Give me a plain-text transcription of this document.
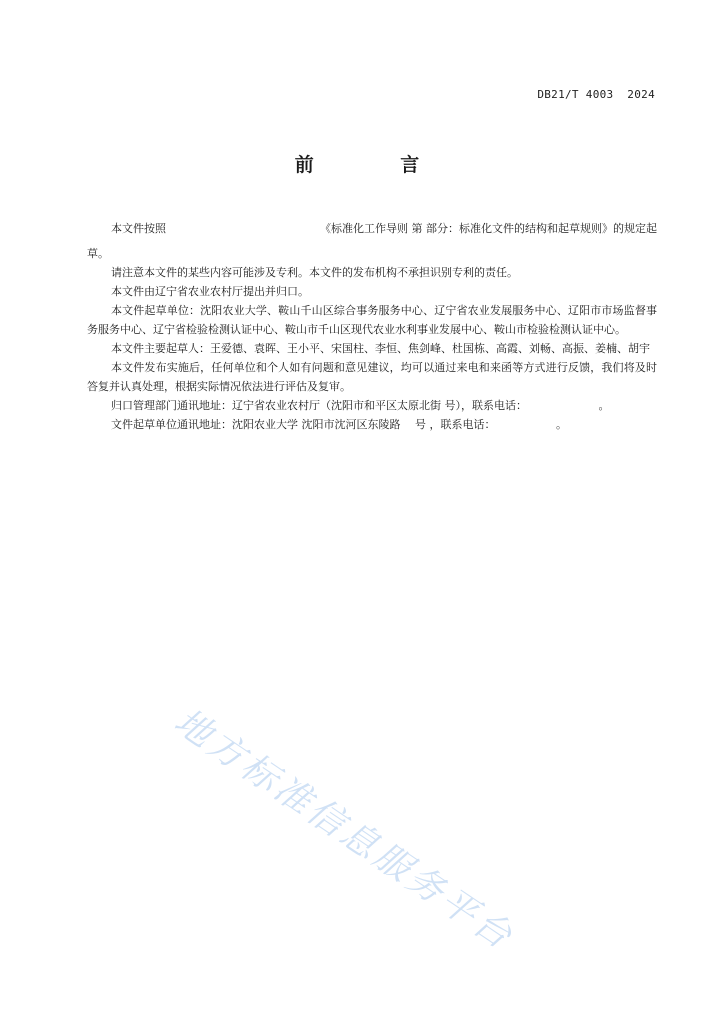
DB21/T 4003  2024
前 言
本文件按照	《标准化工作导则 第 部分：标准化文件的结构和起草规则》的规定起
草。

请注意本文件的某些内容可能涉及专利。本文件的发布机构不承担识别专利的责任。

本文件由辽宁省农业农村厅提出并归口。

本文件起草单位：沈阳农业大学、鞍山千山区综合事务服务中心、辽宁省农业发展服务中心、辽阳市市场监督事务服务中心、辽宁省检验检测认证中心、鞍山市千山区现代农业水利事业发展中心、鞍山市检验检测认证中心。

本文件主要起草人：王爱德、袁晖、王小平、宋国柱、李恒、焦剑峰、杜国栋、高霞、刘畅、高振、姜楠、胡宇

本文件发布实施后，任何单位和个人如有问题和意见建议，均可以通过来电和来函等方式进行反馈，我们将及时答复并认真处理，根据实际情况依法进行评估及复审。

归口管理部门通讯地址：辽宁省农业农村厅（沈阳市和平区太原北街 号），联系电话：　　　　　　　。

文件起草单位通讯地址：沈阳农业大学 沈阳市沈河区东陵路　 号 ，联系电话：　　　　　　。

地方标准信息服务平台
